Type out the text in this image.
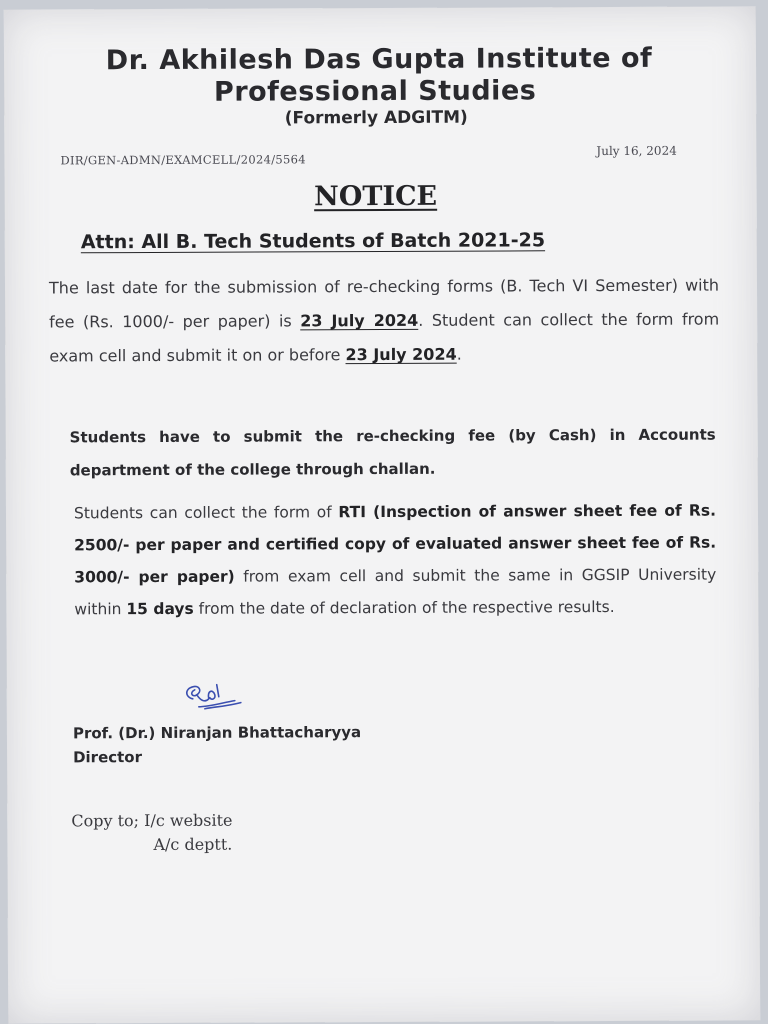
Dr. Akhilesh Das Gupta Institute of
Professional Studies
(Formerly ADGITM)
DIR/GEN-ADMN/EXAMCELL/2024/5564
July 16, 2024
NOTICE
Attn: All B. Tech Students of Batch 2021-25
The last date for the submission of re-checking forms (B. Tech VI Semester) with fee (Rs. 1000/- per paper) is 23 July 2024. Student can collect the form from exam cell and submit it on or before 23 July 2024.
Students have to submit the re-checking fee (by Cash) in Accounts department of the college through challan.
Students can collect the form of RTI (Inspection of answer sheet fee of Rs. 2500/- per paper and certified copy of evaluated answer sheet fee of Rs. 3000/- per paper) from exam cell and submit the same in GGSIP University within 15 days from the date of declaration of the respective results.
Prof. (Dr.) Niranjan Bhattacharyya
Director
Copy to; I/c website
A/c deptt.
